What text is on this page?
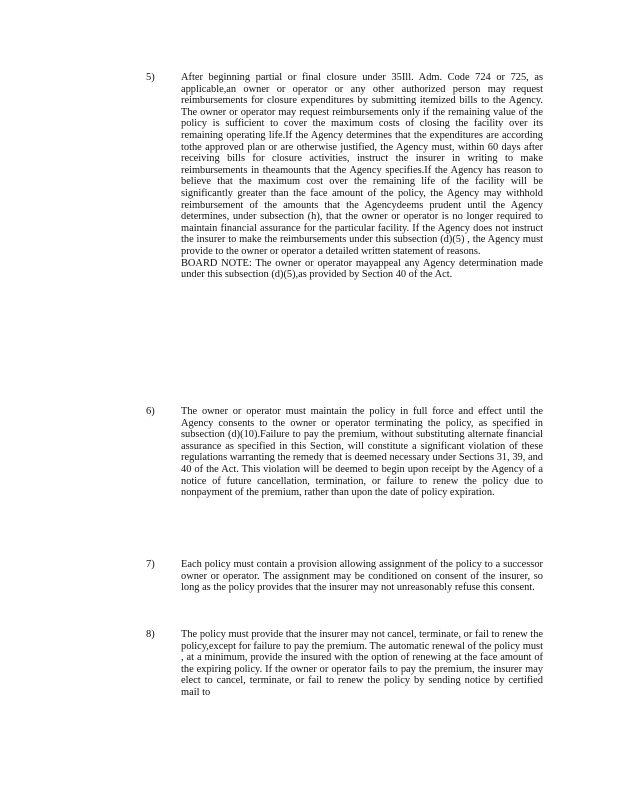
5)	After beginning partial or final closure under 35Ill. Adm. Code 724 or 725, as applicable,an owner or operator or any other authorized person may request reimbursements for closure expenditures by submitting itemized bills to the Agency. The owner or operator may request reimbursements only if the remaining value of the policy is sufficient to cover the maximum costs of closing the facility over its remaining operating life.If the Agency determines that the expenditures are according tothe approved plan or are otherwise justified, the Agency must, within 60 days after receiving bills for closure activities, instruct the insurer in writing to make reimbursements in theamounts that the Agency specifies.If the Agency has reason to believe that the maximum cost over the remaining life of the facility will be significantly greater than the face amount of the policy, the Agency may withhold reimbursement of the amounts that the Agencydeems prudent until the Agency determines, under subsection (h), that the owner or operator is no longer required to maintain financial assurance for the particular facility. If the Agency does not instruct the insurer to make the reimbursements under this subsection (d)(5) , the Agency must provide to the owner or operator a detailed written statement of reasons.

BOARD NOTE: The owner or operator mayappeal any Agency determination made under this subsection (d)(5),as provided by Section 40 of the Act.

6)	The owner or operator must maintain the policy in full force and effect until the Agency consents to the owner or operator terminating the policy, as specified in subsection (d)(10).Failure to pay the premium, without substituting alternate financial assurance as specified in this Section, will constitute a significant violation of these regulations warranting the remedy that is deemed necessary under Sections 31, 39, and 40 of the Act. This violation will be deemed to begin upon receipt by the Agency of a notice of future cancellation, termination, or failure to renew the policy due to nonpayment of the premium, rather than upon the date of policy expiration.

7)	Each policy must contain a provision allowing assignment of the policy to a successor owner or operator. The assignment may be conditioned on consent of the insurer, so long as the policy provides that the insurer may not unreasonably refuse this consent.

8)	The policy must provide that the insurer may not cancel, terminate, or fail to renew the policy,except for failure to pay the premium. The automatic renewal of the policy must , at a minimum, provide the insured with the option of renewing at the face amount of the expiring policy. If the owner or operator fails to pay the premium, the insurer may elect to cancel, terminate, or fail to renew the policy by sending notice by certified mail to
